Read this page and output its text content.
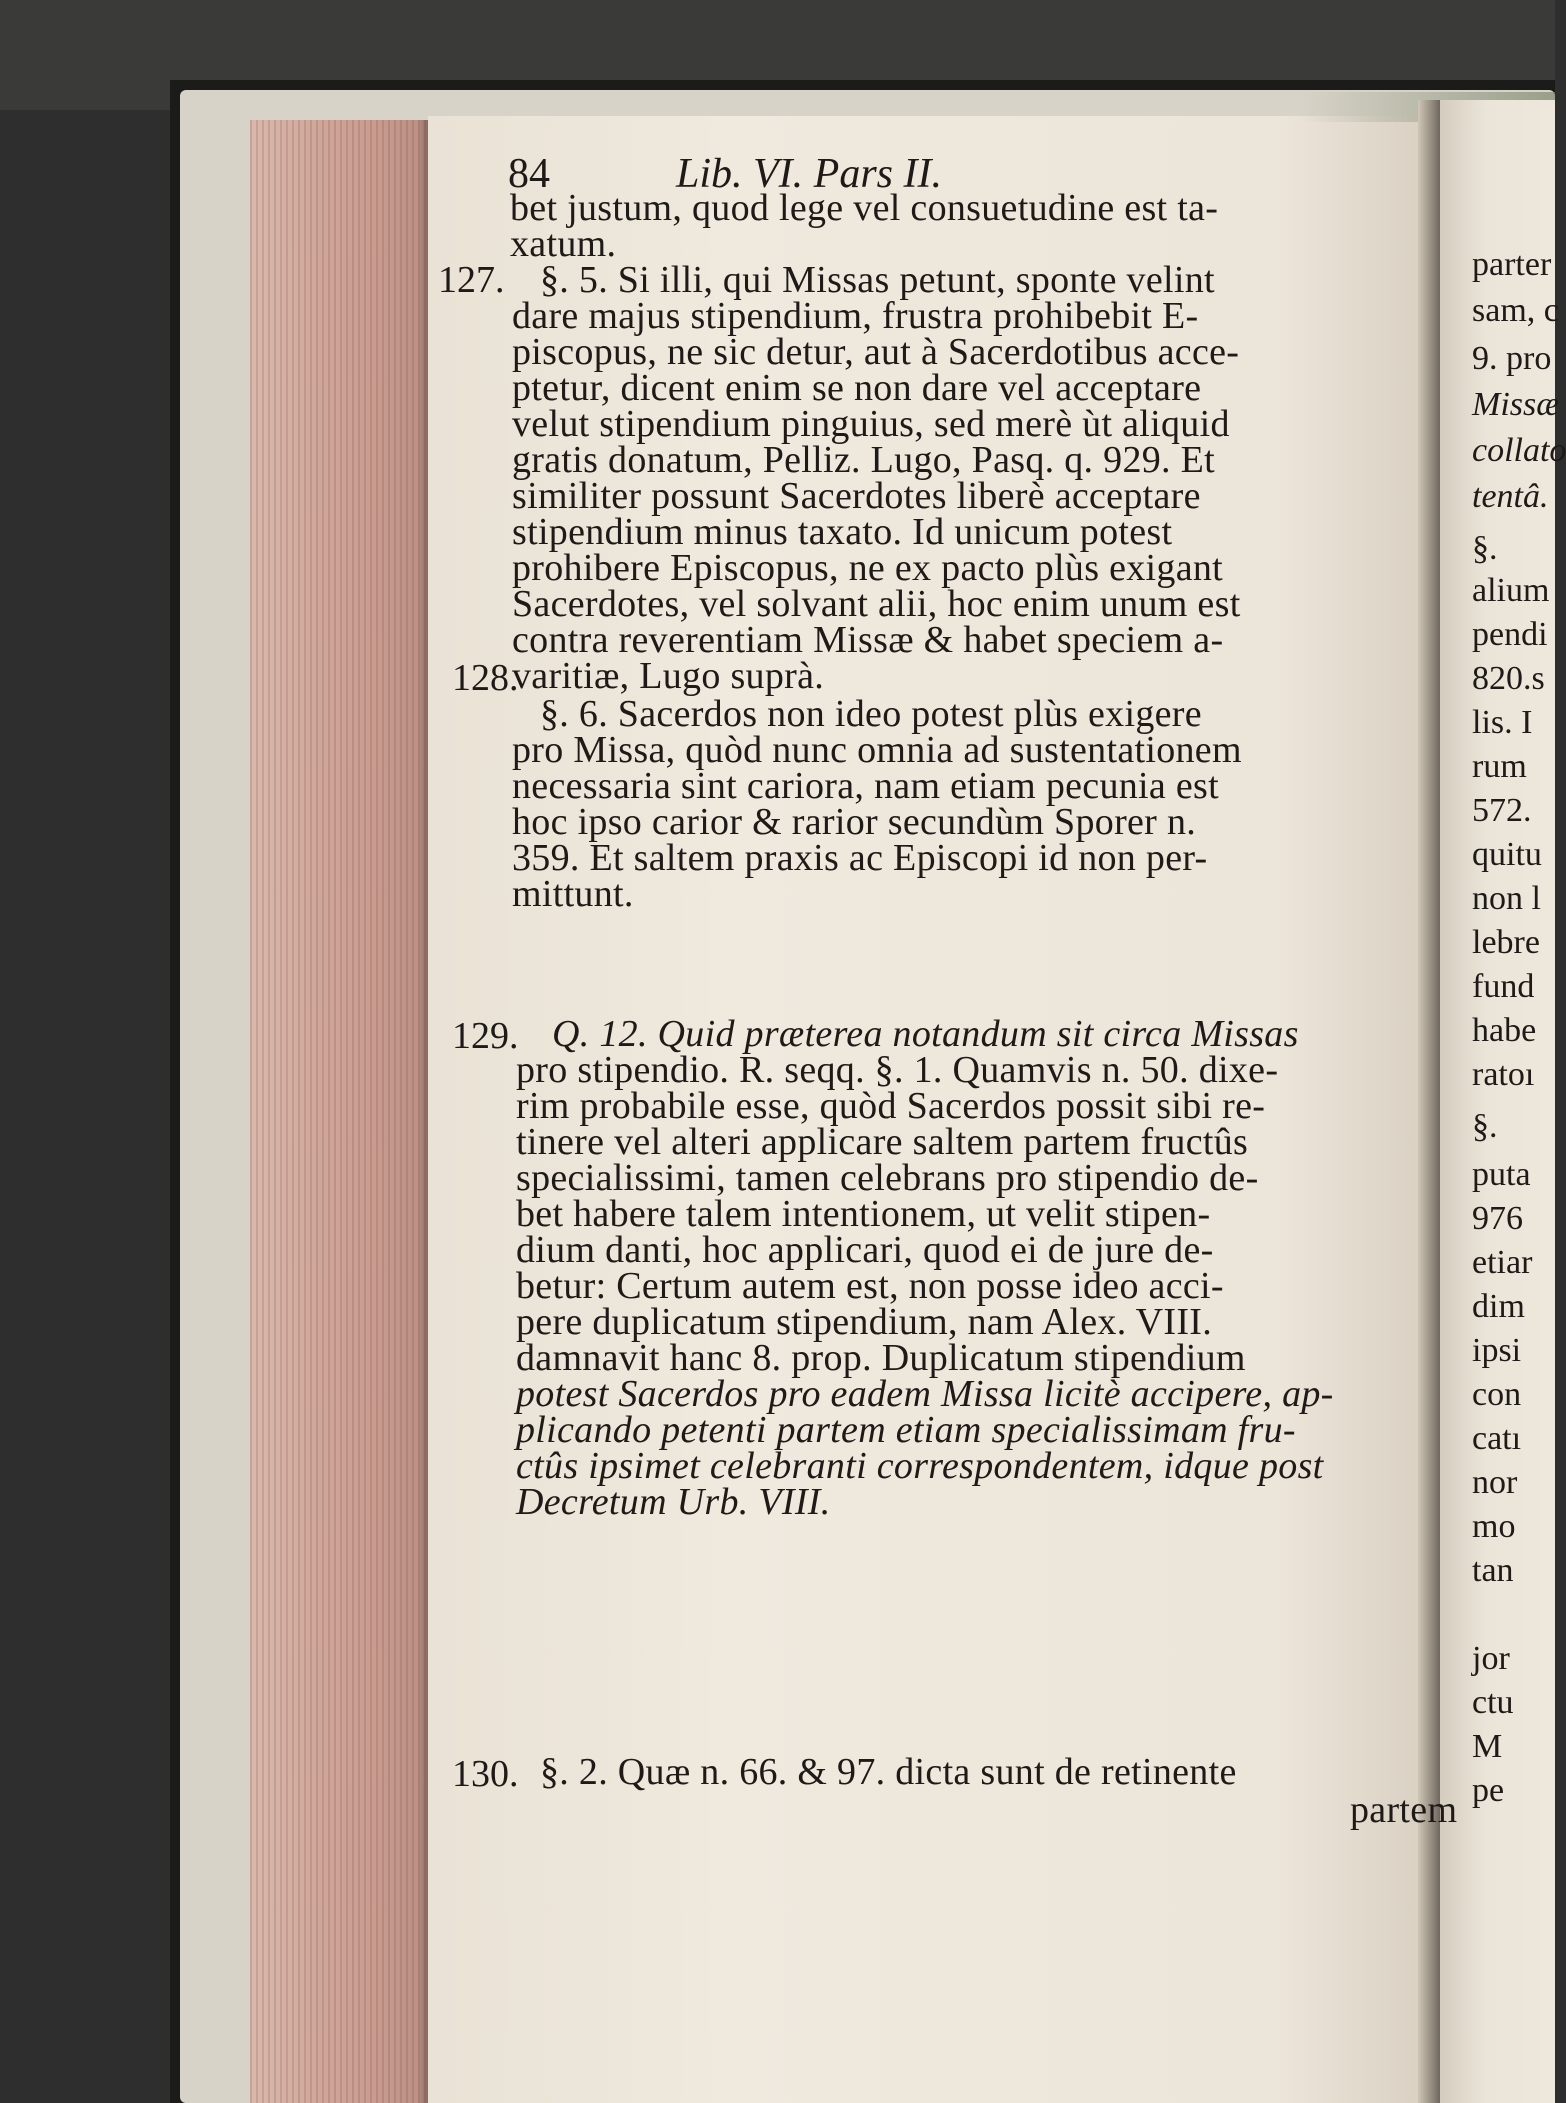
84	Lib. VI. Pars II.
127.
128.
129.
130.
bet justum, quod lege vel consuetudine est ta-
xatum.
§. 5. Si illi, qui Missas petunt, sponte velint
dare majus stipendium, frustra prohibebit E-
piscopus, ne sic detur, aut à Sacerdotibus acce-
ptetur, dicent enim se non dare vel acceptare
velut stipendium pinguius, sed merè ùt aliquid
gratis donatum, Pelliz. Lugo, Pasq. q. 929. Et
similiter possunt Sacerdotes liberè acceptare
stipendium minus taxato. Id unicum potest
prohibere Episcopus, ne ex pacto plùs exigant
Sacerdotes, vel solvant alii, hoc enim unum est
contra reverentiam Missæ & habet speciem a-
varitiæ, Lugo suprà.
§. 6. Sacerdos non ideo potest plùs exigere
pro Missa, quòd nunc omnia ad sustentationem
necessaria sint cariora, nam etiam pecunia est
hoc ipso carior & rarior secundùm Sporer n.
359. Et saltem praxis ac Episcopi id non per-
mittunt.
Q. 12. Quid præterea notandum sit circa Missas
pro stipendio. R. seqq. §. 1. Quamvis n. 50. dixe-
rim probabile esse, quòd Sacerdos possit sibi re-
tinere vel alteri applicare saltem partem fructûs
specialissimi, tamen celebrans pro stipendio de-
bet habere talem intentionem, ut velit stipen-
dium danti, hoc applicari, quod ei de jure de-
betur: Certum autem est, non posse ideo acci-
pere duplicatum stipendium, nam Alex. VIII.
damnavit hanc 8. prop. Duplicatum stipendium
potest Sacerdos pro eadem Missa licitè accipere, ap-
plicando petenti partem etiam specialissimam fru-
ctûs ipsimet celebranti correspondentem, idque post
Decretum Urb. VIII.
§. 2. Quæ n. 66. & 97. dicta sunt de retinente
partem
parter
sam, c
9. pro
Missæ
collato
tentâ.
§.
alium
pendi
820.s
lis. I
rum
572.
quitu
non l
lebre
fund
habe
ratoı
§.
puta
976
etiar
dim
ipsi
con
catı
nor
mo
tan
jor
ctu
M
pe
